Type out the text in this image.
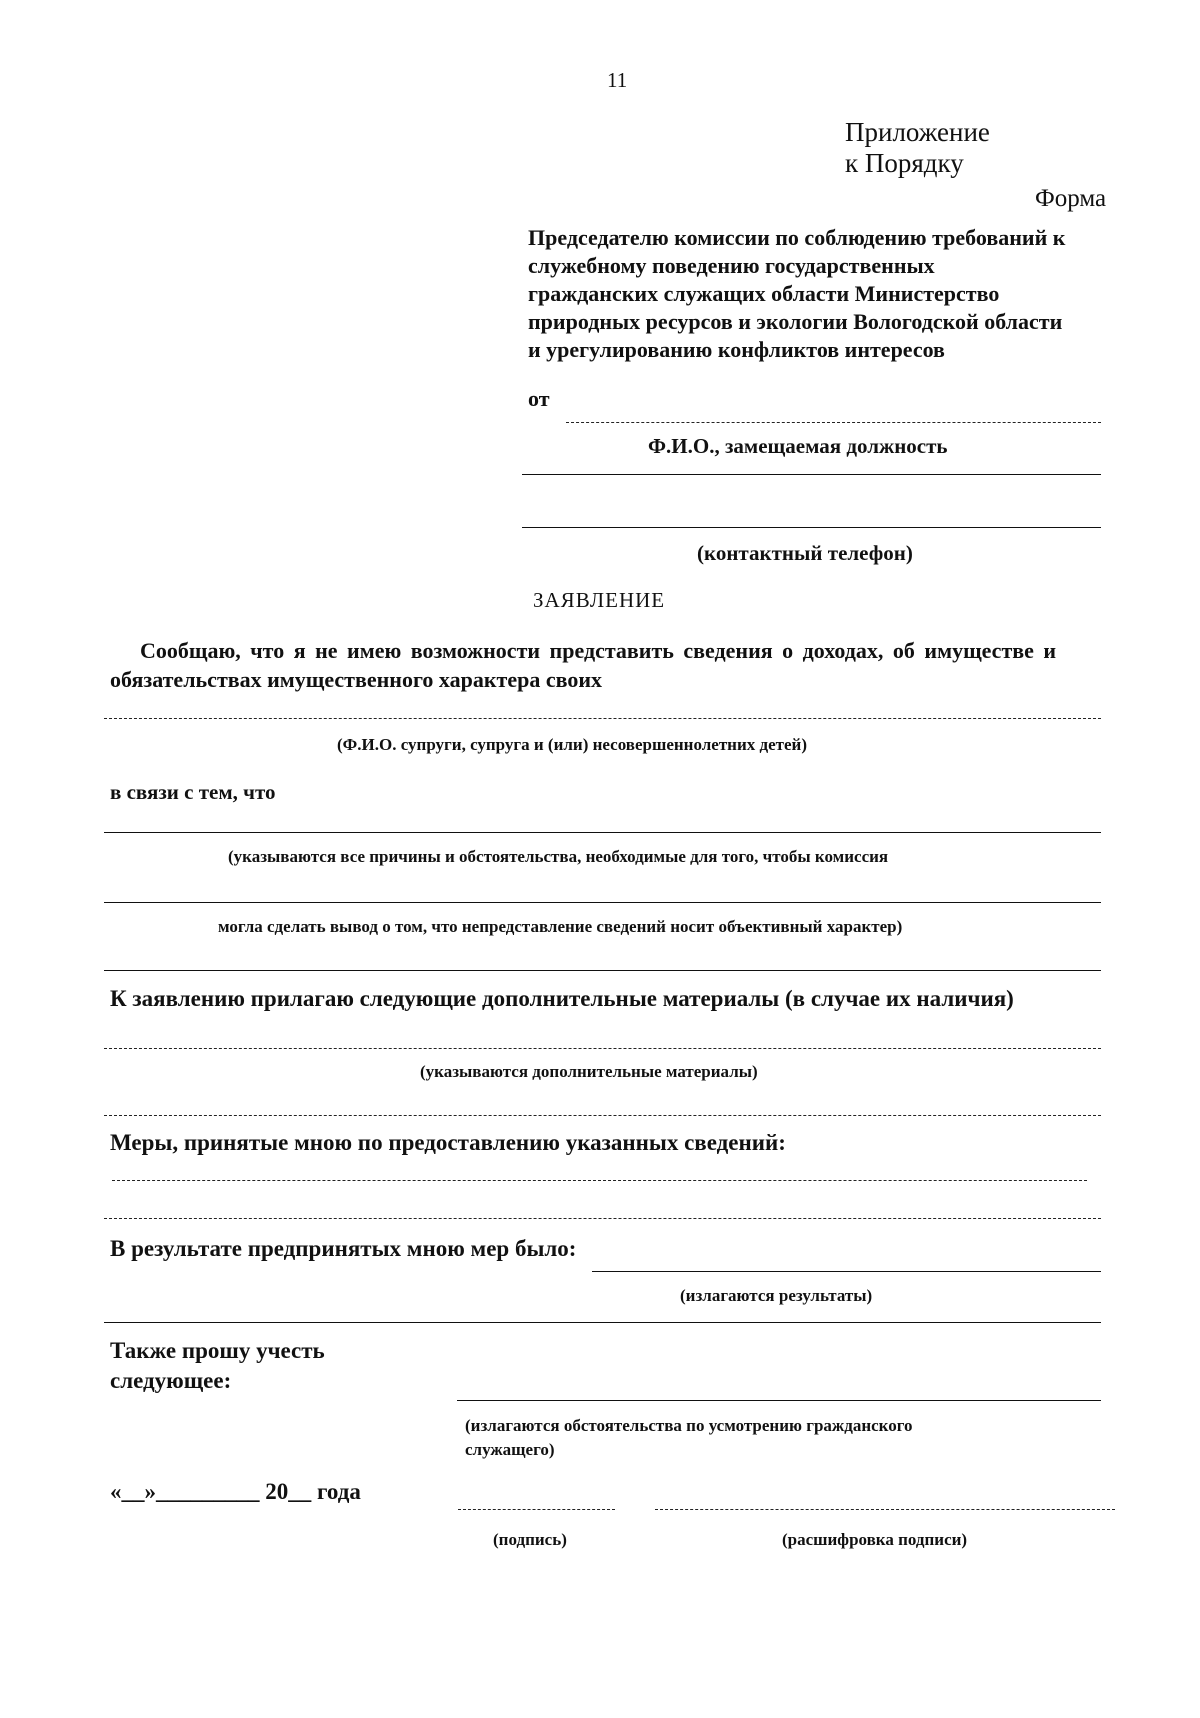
11
Приложение
к Порядку
Форма
Председателю комиссии по соблюдению требований к
служебному поведению государственных
гражданских служащих области Министерство
природных ресурсов и экологии Вологодской области
и урегулированию конфликтов интересов
от
Ф.И.О., замещаемая должность
(контактный телефон)
ЗАЯВЛЕНИЕ
Сообщаю, что я не имею возможности представить сведения о доходах, об имуществе и
обязательствах имущественного характера своих
(Ф.И.О. супруги, супруга и (или) несовершеннолетних детей)
в связи с тем, что
(указываются все причины и обстоятельства, необходимые для того, чтобы комиссия
могла сделать вывод о том, что непредставление сведений носит объективный характер)
К заявлению прилагаю следующие дополнительные материалы (в случае их наличия)
(указываются дополнительные материалы)
Меры, принятые мною по предоставлению указанных сведений:
В результате предпринятых мною мер было:
(излагаются результаты)
Также прошу учесть
следующее:
(излагаются обстоятельства по усмотрению гражданского
служащего)
«__»_________ 20__ года
(подпись)	(расшифровка подписи)
